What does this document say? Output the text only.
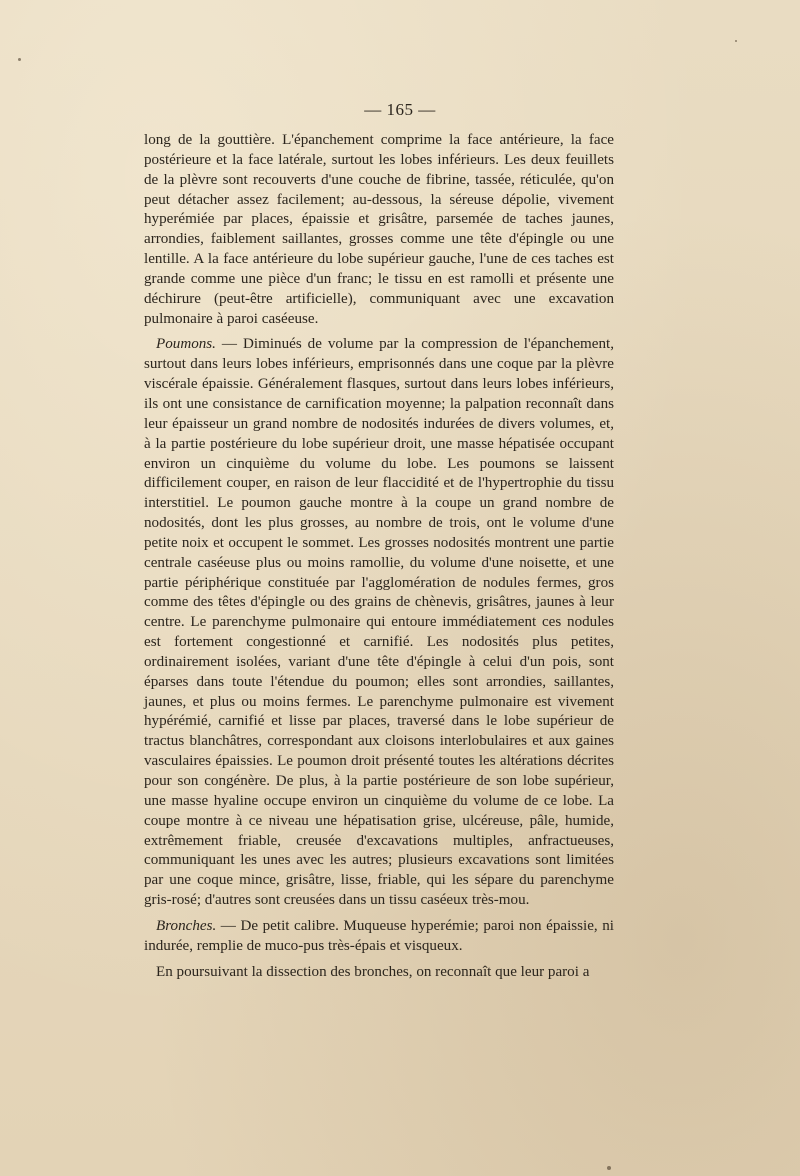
— 165 —

long de la gouttière. L'épanchement comprime la face antérieure, la face postérieure et la face latérale, surtout les lobes inférieurs. Les deux feuillets de la plèvre sont recouverts d'une couche de fibrine, tassée, réticulée, qu'on peut détacher assez facilement; au-dessous, la séreuse dépolie, vivement hyperémiée par places, épaissie et grisâtre, parsemée de taches jaunes, arrondies, faiblement saillantes, grosses comme une tête d'épingle ou une lentille. A la face antérieure du lobe supérieur gauche, l'une de ces taches est grande comme une pièce d'un franc; le tissu en est ramolli et présente une déchirure (peut-être artificielle), communiquant avec une excavation pulmonaire à paroi caséeuse.

Poumons. — Diminués de volume par la compression de l'épanchement, surtout dans leurs lobes inférieurs, emprisonnés dans une coque par la plèvre viscérale épaissie. Généralement flasques, surtout dans leurs lobes inférieurs, ils ont une consistance de carnification moyenne; la palpation reconnaît dans leur épaisseur un grand nombre de nodosités indurées de divers volumes, et, à la partie postérieure du lobe supérieur droit, une masse hépatisée occupant environ un cinquième du volume du lobe. Les poumons se laissent difficilement couper, en raison de leur flaccidité et de l'hypertrophie du tissu interstitiel. Le poumon gauche montre à la coupe un grand nombre de nodosités, dont les plus grosses, au nombre de trois, ont le volume d'une petite noix et occupent le sommet. Les grosses nodosités montrent une partie centrale caséeuse plus ou moins ramollie, du volume d'une noisette, et une partie périphérique constituée par l'agglomération de nodules fermes, gros comme des têtes d'épingle ou des grains de chènevis, grisâtres, jaunes à leur centre. Le parenchyme pulmonaire qui entoure immédiatement ces nodules est fortement congestionné et carnifié. Les nodosités plus petites, ordinairement isolées, variant d'une tête d'épingle à celui d'un pois, sont éparses dans toute l'étendue du poumon; elles sont arrondies, saillantes, jaunes, et plus ou moins fermes. Le parenchyme pulmonaire est vivement hypérémié, carnifié et lisse par places, traversé dans le lobe supérieur de tractus blanchâtres, correspondant aux cloisons interlobulaires et aux gaines vasculaires épaissies. Le poumon droit présenté toutes les altérations décrites pour son congénère. De plus, à la partie postérieure de son lobe supérieur, une masse hyaline occupe environ un cinquième du volume de ce lobe. La coupe montre à ce niveau une hépatisation grise, ulcéreuse, pâle, humide, extrêmement friable, creusée d'excavations multiples, anfractueuses, communiquant les unes avec les autres; plusieurs excavations sont limitées par une coque mince, grisâtre, lisse, friable, qui les sépare du parenchyme gris-rosé; d'autres sont creusées dans un tissu caséeux très-mou.

Bronches. — De petit calibre. Muqueuse hyperémie; paroi non épaissie, ni indurée, remplie de muco-pus très-épais et visqueux.

En poursuivant la dissection des bronches, on reconnaît que leur paroi a
